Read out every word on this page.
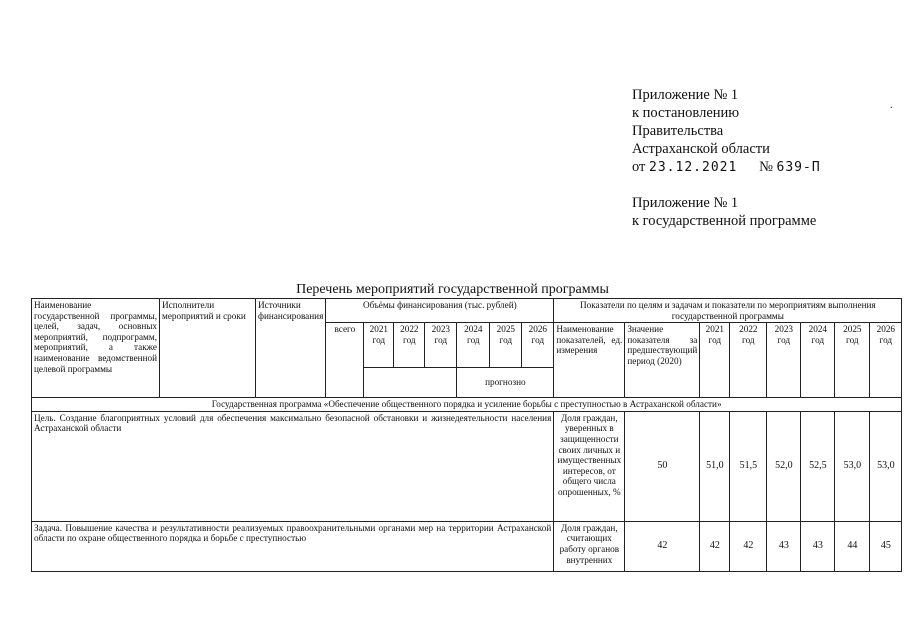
.
Приложение № 1
к постановлению
Правительства
Астраханской области
от 23.12.2021 № 639-П
Приложение № 1
к государственной программе
Перечень мероприятий государственной программы
Наименование государственной программы, целей, задач, основных мероприятий, подпрограмм, мероприятий, а также наименование ведомственной целевой программы	Исполнители мероприятий и сроки	Источники финансирования	Объёмы финансирования (тыс. рублей)							Показатели по целям и задачам и показатели по мероприятиям выполнения государственной программы							
			всего	2021 год	2022 год	2023 год	2024 год	2025 год	2026 год	Наименование показателей, ед. измерения	Значение показателя за предшествующий период (2020)	2021 год	2022 год	2023 год	2024 год	2025 год	2026 год
							прогнозно										
Государственная программа «Обеспечение общественного порядка и усиление борьбы с преступностью в Астраханской области»																	
Цель. Создание благоприятных условий для обеспечения максимально безопасной обстановки и жизнедеятельности населения Астраханской области										Доля граждан, уверенных в защищенности своих личных и имущественных интересов, от общего числа опрошенных, %	50	51,0	51,5	52,0	52,5	53,0	53,0
Задача. Повышение качества и результативности реализуемых правоохранительными органами мер на территории Астраханской области по охране общественного порядка и борьбе с преступностью										Доля граждан, считающих работу органов внутренних	42	42	42	43	43	44	45
